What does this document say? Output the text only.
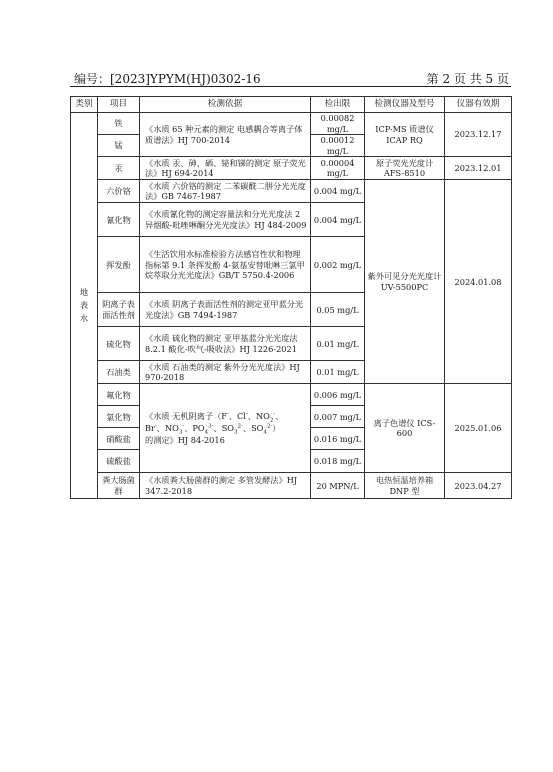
编号：[2023]YPYM(HJ)0302-16	第 2 页 共 5 页
类别	项目	检测依据	检出限	检测仪器及型号	仪器有效期
地表水	铁	《水质 65 种元素的测定 电感耦合等离子体质谱法》HJ 700-2014	0.00082 mg/L	ICP-MS 质谱仪 ICAP RQ	2023.12.17
	锰		0.00012 mg/L		
	汞	《水质 汞、砷、硒、铋和锑的测定 原子荧光法》HJ 694-2014	0.00004 mg/L	原子荧光光度计 AFS-8510	2023.12.01
	六价铬	《水质 六价铬的测定 二苯碳酰二肼分光光度法》GB 7467-1987	0.004 mg/L	紫外可见分光光度计 UV-5500PC	2024.01.08
	氰化物	《水质氰化物的测定容量法和分光光度法 2 异烟酸-吡唑啉酮分光光度法》HJ 484-2009	0.004 mg/L		
	挥发酚	《生活饮用水标准检验方法感官性状和物理指标第 9.1 条挥发酚 4-氨基安替吡啉三氯甲烷萃取分光光度法》GB/T 5750.4-2006	0.002 mg/L		
	阴离子表面活性剂	《水质 阴离子表面活性剂的测定亚甲蓝分光光度法》GB 7494-1987	0.05 mg/L		
	硫化物	《水质 硫化物的测定 亚甲基蓝分光光度法 8.2.1 酸化-吹气-吸收法》HJ 1226-2021	0.01 mg/L		
	石油类	《水质 石油类的测定 紫外分光光度法》HJ 970-2018	0.01 mg/L		
	氟化物	《水质 无机阴离子（F-、Cl-、$NO_2^-$、
Br-、$NO_3^-$、$PO_4^{3-}$、$SO_3^{2-}$、$SO_4^{2-}$）
的测定》HJ 84-2016	0.006 mg/L	离子色谱仪 ICS-600	2025.01.06
	氯化物		0.007 mg/L		
	硝酸盐		0.016 mg/L		
	硫酸盐		0.018 mg/L		
	粪大肠菌群	《水质粪大肠菌群的测定 多管发酵法》HJ 347.2-2018	20 MPN/L	电热恒温培养箱 DNP 型	2023.04.27
